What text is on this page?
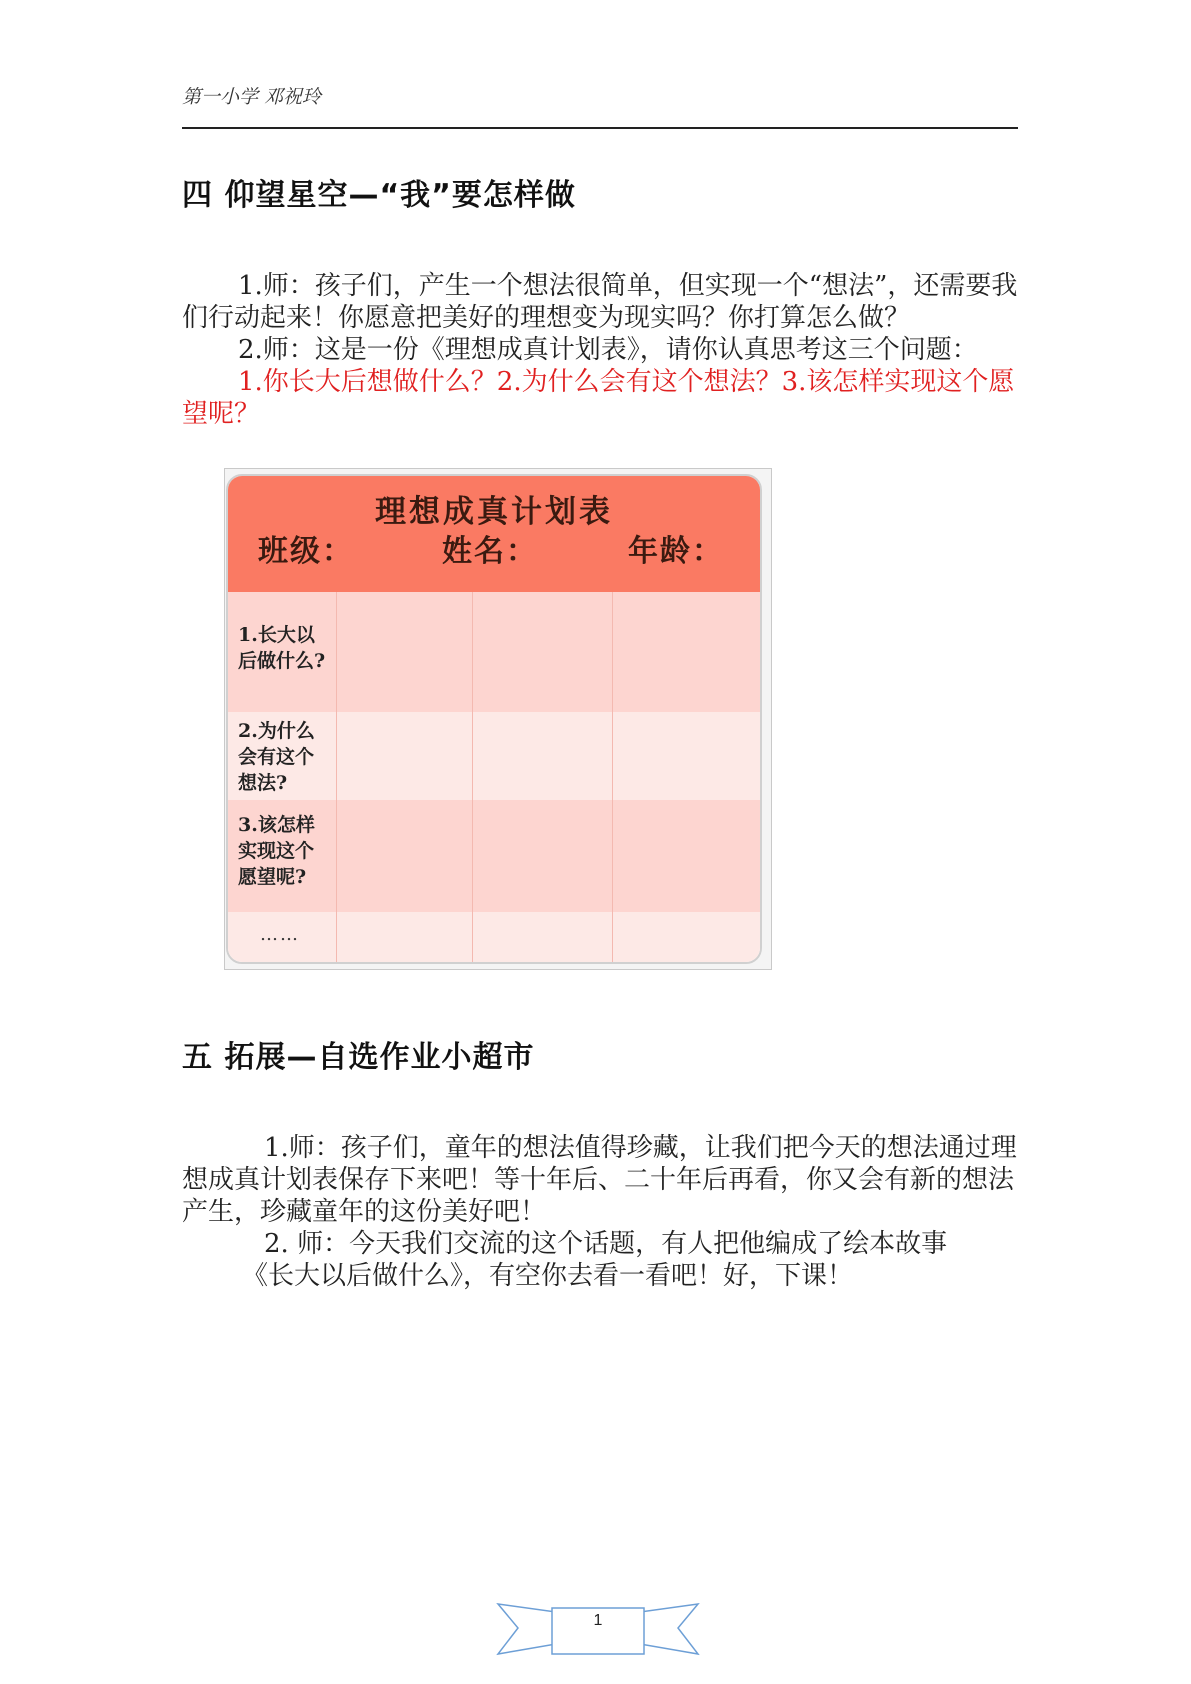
第一小学 邓祝玲
四 仰望星空—“我”要怎样做

1.师：孩子们，产生一个想法很简单，但实现一个“想法”，还需要我们行动起来！你愿意把美好的理想变为现实吗？你打算怎么做？

2.师：这是一份《理想成真计划表》，请你认真思考这三个问题：

1.你长大后想做什么？2.为什么会有这个想法？3.该怎样实现这个愿望呢？

理想成真计划表
班级：	姓名：	年龄：
1.长大以
后做什么?
2.为什么
会有这个
想法?
3.该怎样
实现这个
愿望呢?
……
五 拓展—自选作业小超市

1.师：孩子们，童年的想法值得珍藏，让我们把今天的想法通过理想成真计划表保存下来吧！等十年后、二十年后再看，你又会有新的想法产生，珍藏童年的这份美好吧！

2. 师：今天我们交流的这个话题，有人把他编成了绘本故事

《长大以后做什么》，有空你去看一看吧！好，下课！

1
